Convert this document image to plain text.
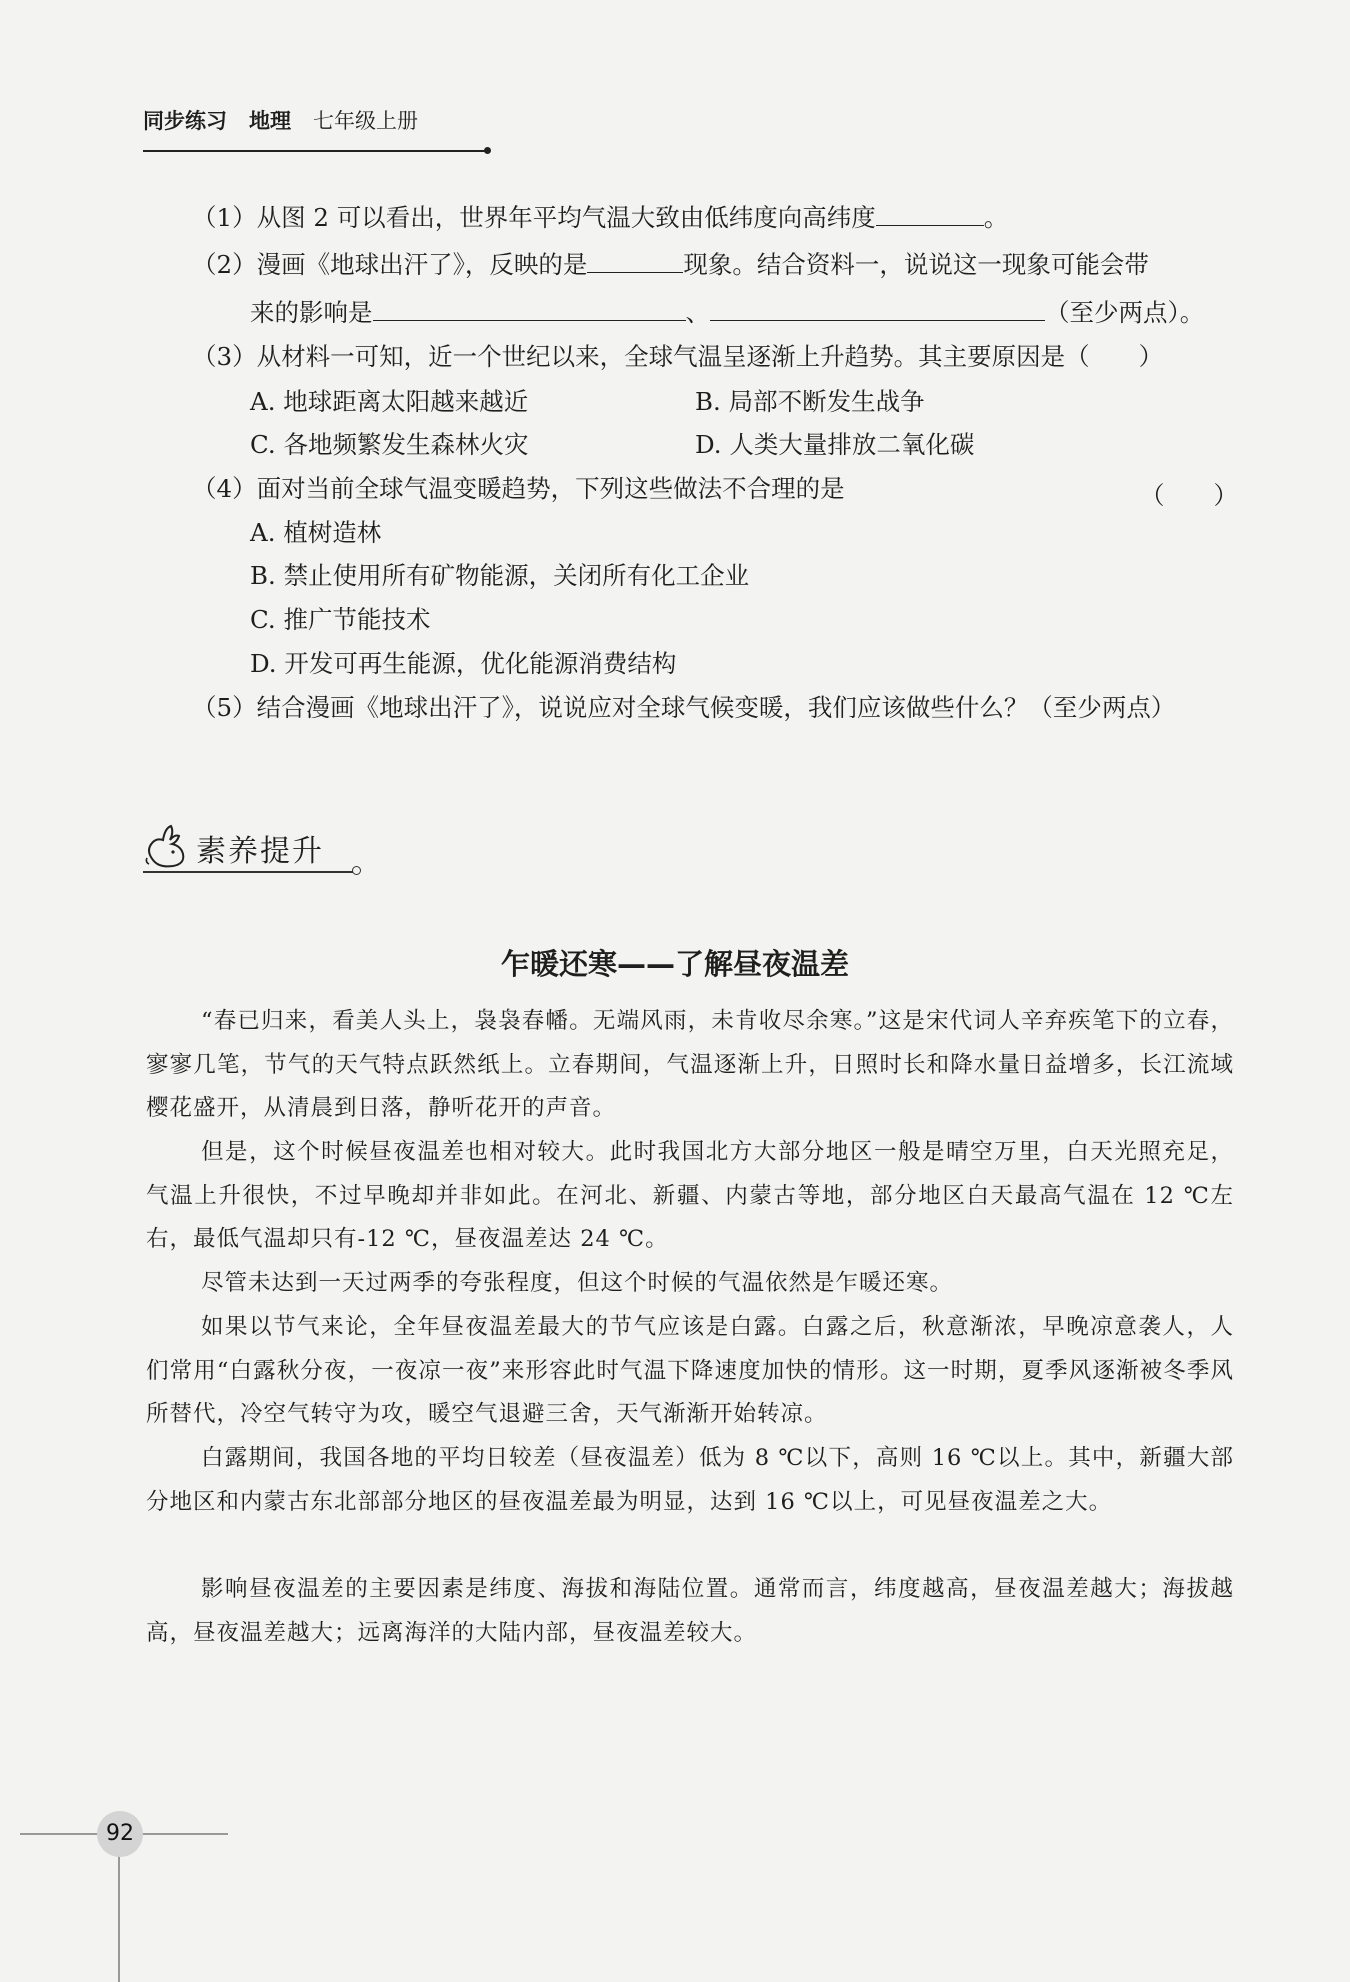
同步练习 地理 七年级上册
（1）从图 2 可以看出，世界年平均气温大致由低纬度向高纬度	。
（2）漫画《地球出汗了》，反映的是	现象。结合资料一，说说这一现象可能会带
来的影响是	、	（至少两点）。
（3）从材料一可知，近一个世纪以来，全球气温呈逐渐上升趋势。其主要原因是（　　）
A. 地球距离太阳越来越近	B. 局部不断发生战争
C. 各地频繁发生森林火灾	D. 人类大量排放二氧化碳
（4）面对当前全球气温变暖趋势，下列这些做法不合理的是	（　　）
A. 植树造林
B. 禁止使用所有矿物能源，关闭所有化工企业
C. 推广节能技术
D. 开发可再生能源，优化能源消费结构
（5）结合漫画《地球出汗了》，说说应对全球气候变暖，我们应该做些什么？（至少两点）
素养提升
乍暖还寒——了解昼夜温差
“春已归来，看美人头上，袅袅春幡。无端风雨，未肯收尽余寒。”这是宋代词人辛弃疾笔下的立春，寥寥几笔，节气的天气特点跃然纸上。立春期间，气温逐渐上升，日照时长和降水量日益增多，长江流域樱花盛开，从清晨到日落，静听花开的声音。
但是，这个时候昼夜温差也相对较大。此时我国北方大部分地区一般是晴空万里，白天光照充足，气温上升很快，不过早晚却并非如此。在河北、新疆、内蒙古等地，部分地区白天最高气温在 12 ℃左右，最低气温却只有-12 ℃，昼夜温差达 24 ℃。
尽管未达到一天过两季的夸张程度，但这个时候的气温依然是乍暖还寒。
如果以节气来论，全年昼夜温差最大的节气应该是白露。白露之后，秋意渐浓，早晚凉意袭人，人们常用“白露秋分夜，一夜凉一夜”来形容此时气温下降速度加快的情形。这一时期，夏季风逐渐被冬季风所替代，冷空气转守为攻，暖空气退避三舍，天气渐渐开始转凉。
白露期间，我国各地的平均日较差（昼夜温差）低为 8 ℃以下，高则 16 ℃以上。其中，新疆大部分地区和内蒙古东北部部分地区的昼夜温差最为明显，达到 16 ℃以上，可见昼夜温差之大。
影响昼夜温差的主要因素是纬度、海拔和海陆位置。通常而言，纬度越高，昼夜温差越大；海拔越高，昼夜温差越大；远离海洋的大陆内部，昼夜温差较大。
92
